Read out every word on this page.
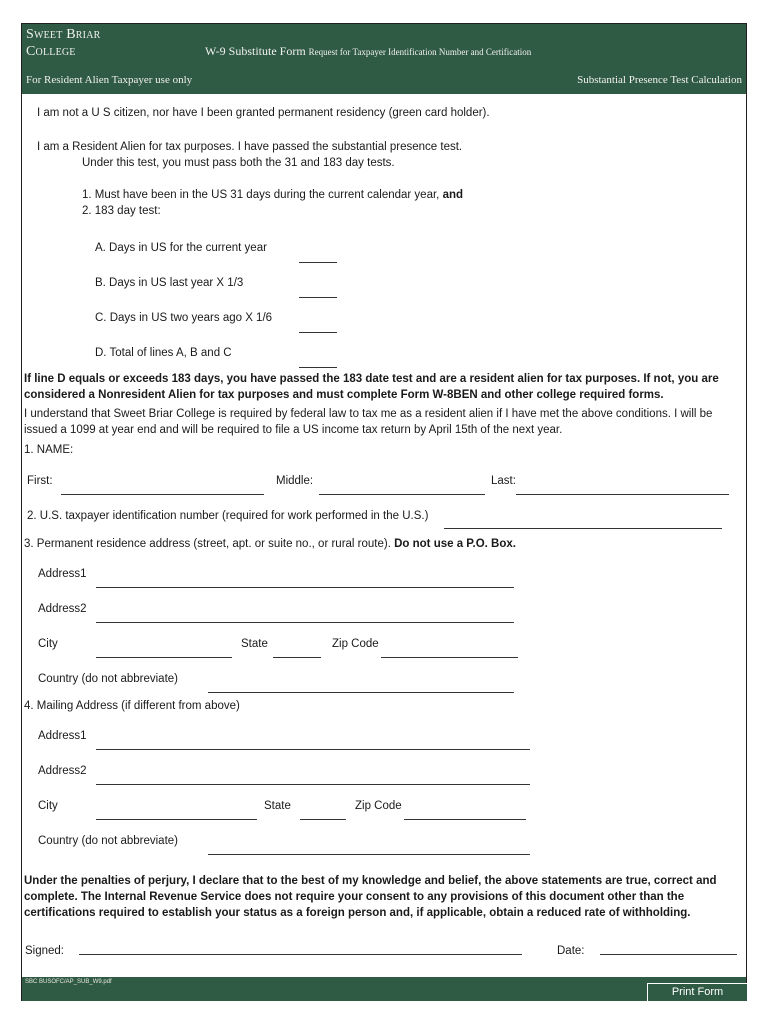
Sweet Briar
College	W-9 Substitute Form Request for Taxpayer Identification Number and Certification
For Resident Alien Taxpayer use only	Substantial Presence Test Calculation
I am not a U S citizen, nor have I been granted permanent residency (green card holder).
I am a Resident Alien for tax purposes. I have passed the substantial presence test.
Under this test, you must pass both the 31 and 183 day tests.
1. Must have been in the US 31 days during the current calendar year, and
2. 183 day test:
A. Days in US for the current year
B. Days in US last year X 1/3
C. Days in US two years ago X 1/6
D. Total of lines A, B and C
If line D equals or exceeds 183 days, you have passed the 183 date test and are a resident alien for tax purposes. If not, you are considered a Nonresident Alien for tax purposes and must complete Form W-8BEN and other college required forms.
I understand that Sweet Briar College is required by federal law to tax me as a resident alien if I have met the above conditions. I will be issued a 1099 at year end and will be required to file a US income tax return by April 15th of the next year.
1. NAME:
First:	Middle:	Last:
2. U.S. taxpayer identification number (required for work performed in the U.S.)
3. Permanent residence address (street, apt. or suite no., or rural route). Do not use a P.O. Box.
Address1
Address2
City	State	Zip Code
Country (do not abbreviate)
4. Mailing Address (if different from above)
Address1
Address2
City	State	Zip Code
Country (do not abbreviate)
Under the penalties of perjury, I declare that to the best of my knowledge and belief, the above statements are true, correct and complete. The Internal Revenue Service does not require your consent to any provisions of this document other than the certifications required to establish your status as a foreign person and, if applicable, obtain a reduced rate of withholding.
Signed:	Date:
SBC BUSOFC/AP_SUB_W9.pdf
Print Form
